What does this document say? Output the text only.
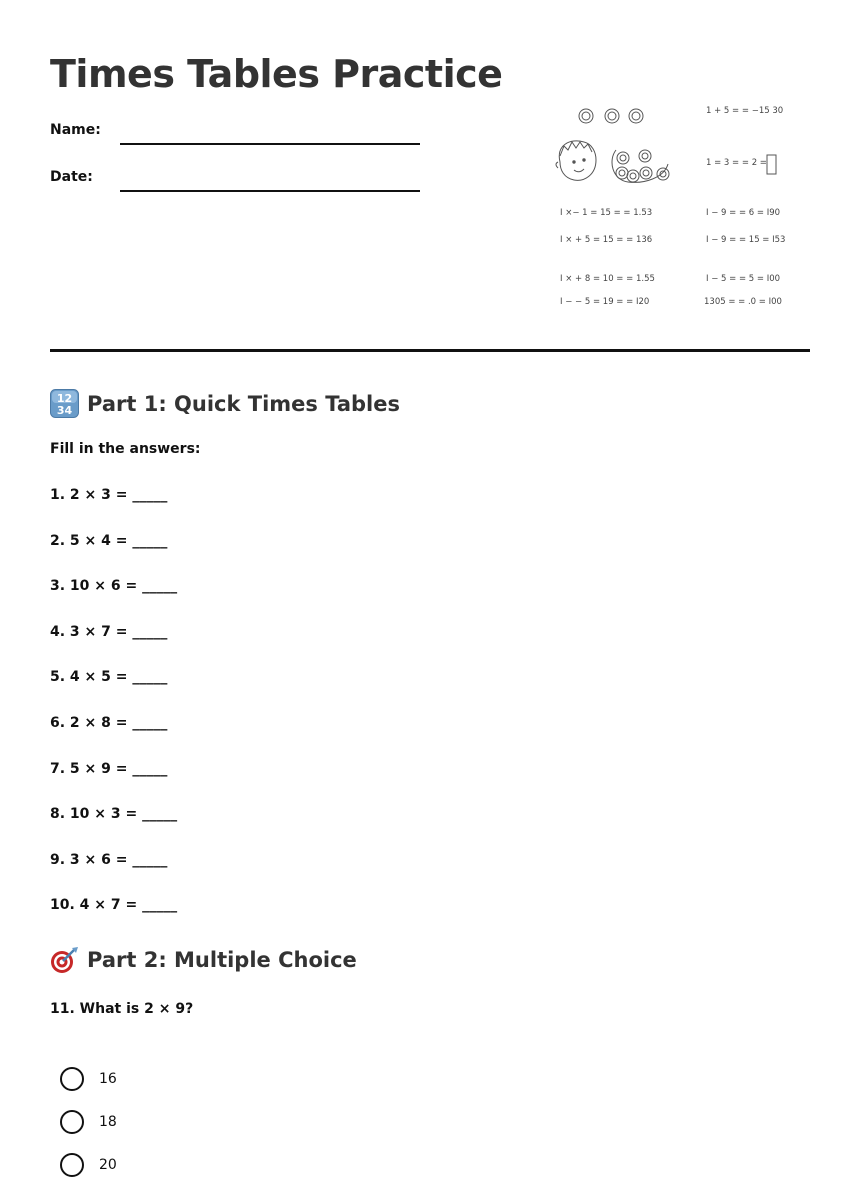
Times Tables Practice
Name:
Date:
1 + 5 = = −15 30
1 = 3 = = 2 =
I ×− 1 = 15 = = 1.53	I − 9 = = 6 = I90
I × + 5 = 15 = = 136	I − 9 = = 15 = I53
I × + 8 = 10 = = 1.55	I − 5 = = 5 = I00
I − − 5 = 19 = = I20	1305 = = .0 = I00
12
34 Part 1: Quick Times Tables
Fill in the answers:
1. 2 × 3 = _____
2. 5 × 4 = _____
3. 10 × 6 = _____
4. 3 × 7 = _____
5. 4 × 5 = _____
6. 2 × 8 = _____
7. 5 × 9 = _____
8. 10 × 3 = _____
9. 3 × 6 = _____
10. 4 × 7 = _____
Part 2: Multiple Choice
11. What is 2 × 9?
16
18
20
